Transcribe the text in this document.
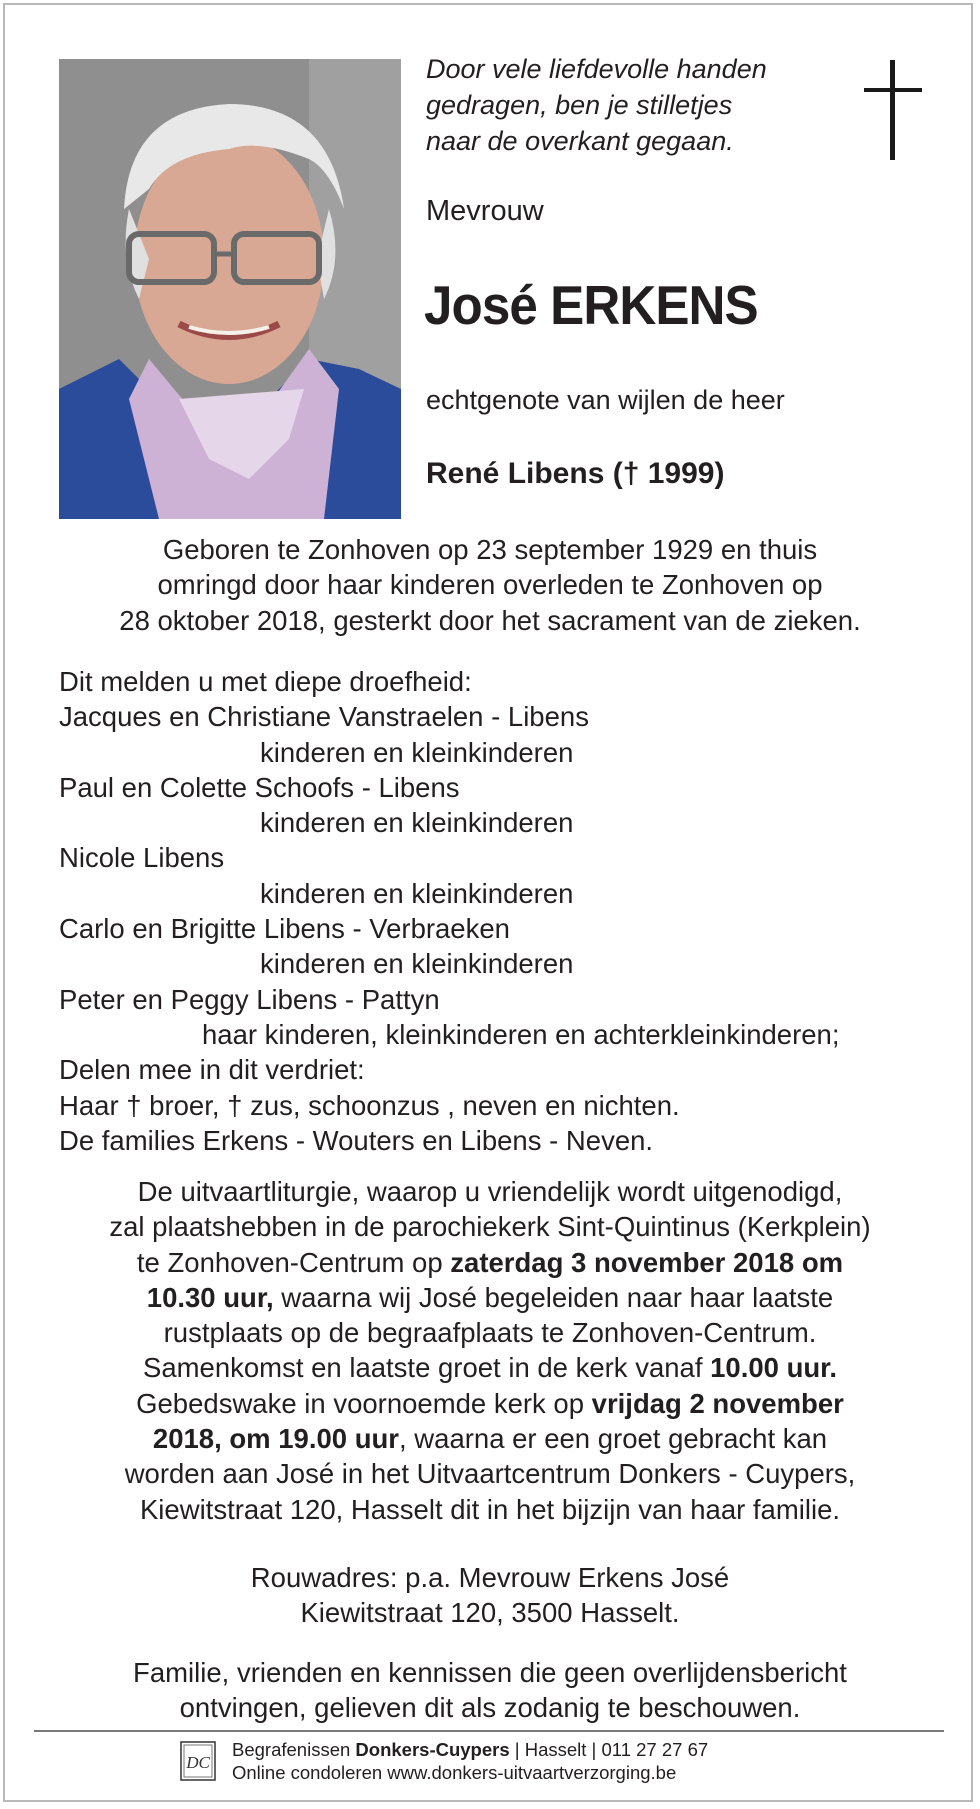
Door vele liefdevolle handen
gedragen, ben je stilletjes
naar de overkant gegaan.
Mevrouw
José ERKENS
echtgenote van wijlen de heer
René Libens († 1999)
Geboren te Zonhoven op 23 september 1929 en thuis
omringd door haar kinderen overleden te Zonhoven op
28 oktober 2018, gesterkt door het sacrament van de zieken.
Dit melden u met diepe droefheid:
Jacques en Christiane Vanstraelen - Libens
kinderen en kleinkinderen
Paul en Colette Schoofs - Libens
kinderen en kleinkinderen
Nicole Libens
kinderen en kleinkinderen
Carlo en Brigitte Libens - Verbraeken
kinderen en kleinkinderen
Peter en Peggy Libens - Pattyn
haar kinderen, kleinkinderen en achterkleinkinderen;
Delen mee in dit verdriet:
Haar † broer, † zus, schoonzus , neven en nichten.
De families Erkens - Wouters en Libens - Neven.
De uitvaartliturgie, waarop u vriendelijk wordt uitgenodigd,
zal plaatshebben in de parochiekerk Sint-Quintinus (Kerkplein)
te Zonhoven-Centrum op zaterdag 3 november 2018 om
10.30 uur, waarna wij José begeleiden naar haar laatste
rustplaats op de begraafplaats te Zonhoven-Centrum.
Samenkomst en laatste groet in de kerk vanaf 10.00 uur.
Gebedswake in voornoemde kerk op vrijdag 2 november
2018, om 19.00 uur, waarna er een groet gebracht kan
worden aan José in het Uitvaartcentrum Donkers - Cuypers,
Kiewitstraat 120, Hasselt dit in het bijzijn van haar familie.
Rouwadres: p.a. Mevrouw Erkens José
Kiewitstraat 120, 3500 Hasselt.
Familie, vrienden en kennissen die geen overlijdensbericht
ontvingen, gelieven dit als zodanig te beschouwen.
DC
Begrafenissen Donkers-Cuypers | Hasselt | 011 27 27 67
Online condoleren www.donkers-uitvaartverzorging.be
